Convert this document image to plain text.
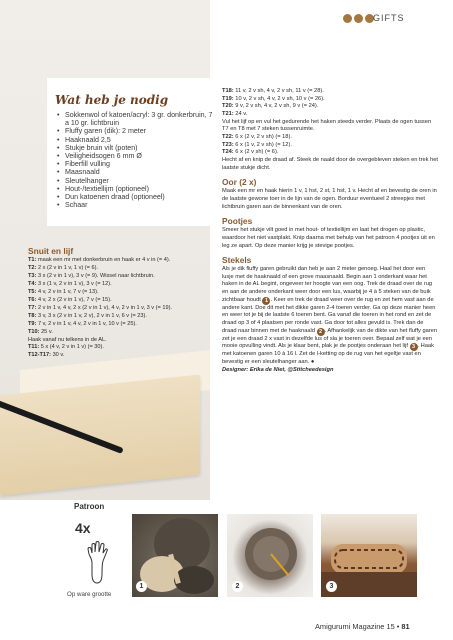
GIFTS
Wat heb je nodig
• Sokkenwol of katoen/acryl: 3 gr. donkerbruin, 7 a 10 gr. lichtbruin
• Fluffy garen (dik): 2 meter
• Haaknaald 2,5
• Stukje bruin vilt (poten)
• Veiligheidsogen 6 mm Ø
• Fiberfill vulling
• Maasnaald
• Sleutelhanger
• Hout-/textiellijm (optioneel)
• Dun katoenen draad (optioneel)
• Schaar
Snuit en lijf
T1: maak een mr met donkerbruin en haak er 4 v in (= 4).
T2: 2 x (2 v in 1 v, 1 v) (= 6).
T3: 3 x (2 v in 1 v), 3 v (= 9). Wissel naar lichtbruin.
T4: 3 x (1 v, 2 v in 1 v), 3 v (= 12).
T5: 4 v, 2 v in 1 v, 7 v (= 13).
T6: 4 v, 2 x (2 v in 1 v), 7 v (= 15).
T7: 2 v in 1 v, 4 v, 2 x (2 v in 1 v), 4 v, 2 v in 1 v, 3 v (= 19).
T8: 3 v, 3 x (2 v in 1 v, 2 v), 2 v in 1 v, 6 v (= 23).
T9: 7 v, 2 v in 1 v, 4 v, 2 v in 1 v, 10 v (= 25).
T10: 25 v.
Haak vanaf nu telkens in de AL.
T11: 5 x (4 v, 2 v in 1 v) (= 30).
T12-T17: 30 v.
T18: 11 v, 2 v sh, 4 v, 2 v sh, 11 v (= 28).
T19: 10 v, 2 v sh, 4 v, 2 v sh, 10 v (= 26).
T20: 9 v, 2 v sh, 4 v, 2 v sh, 9 v (= 24).
T21: 24 v.

Vul het lijf op en vul het gedurende het haken steeds verder. Plaats de ogen tussen T7 en T8 met 7 steken tussenruimte.

T22: 6 x (2 v, 2 v sh) (= 18).
T23: 6 x (1 v, 2 v sh) (= 12).
T24: 6 x (2 v sh) (= 6).

Hecht af en knip de draad af. Steek de naald door de overgebleven steken en trek het laatste stukje dicht.

Oor (2 x)

Maak een mr en haak hierin 1 v, 1 hst, 2 st, 1 hst, 1 v. Hecht af en bevestig de oren in de laatste gewone toer in de lijn van de ogen. Borduur eventueel 2 streepjes met lichtbruin garen aan de binnenkant van de oren.

Pootjes

Smeer het stukje vilt goed in met hout- of textiellijm en laat het drogen op plastic, waardoor het niet vastplakt. Knip daarna met behulp van het patroon 4 pootjes uit en leg ze apart. Op deze manier krijg je stevige pootjes.

Stekels

Als je dik fluffy garen gebruikt dan heb je aan 2 meter genoeg. Haal het door een lusje met de haaknaald of een grove maasnaald. Begin aan 1 onderkant waar het haken in de AL begint, ongeveer ter hoogte van een oog. Trek de draad over de rug en aan de andere onderkant weer door een lus, waarbij je 4 à 5 steken van de buik zichtbaar houdt 1 . Keer en trek de draad weer over de rug en zet hem vast aan de andere kant. Doe dit met het dikke garen 2-4 toeren verder. Ga op deze manier heen en weer tot je bij de laatste 6 toeren bent. Ga vanaf die toeren in het rond en zet de draad op 3 of 4 plaatsen per ronde vast. Ga door tot alles gevuld is. Trek dan de draad naar binnen met de haaknaald 2 . Afhankelijk van de dikte van het fluffy garen zet je een draad 2 x vast in dezelfde lus of sla je toeren over. Bepaal zelf wat je een mooie opvulling vindt. Als je klaar bent, plak je de pootjes onderaan het lijf 3 . Haak met katoenen garen 10 à 16 l. Zet de l-ketting op de rug van het egeltje vast en bevestig er een sleutelhanger aan. ●

Designer: Erika de Niet, @Stitcheedesign

Patroon
4x
Op ware grootte
1	2	3
Amigurumi Magazine 15 • 81
